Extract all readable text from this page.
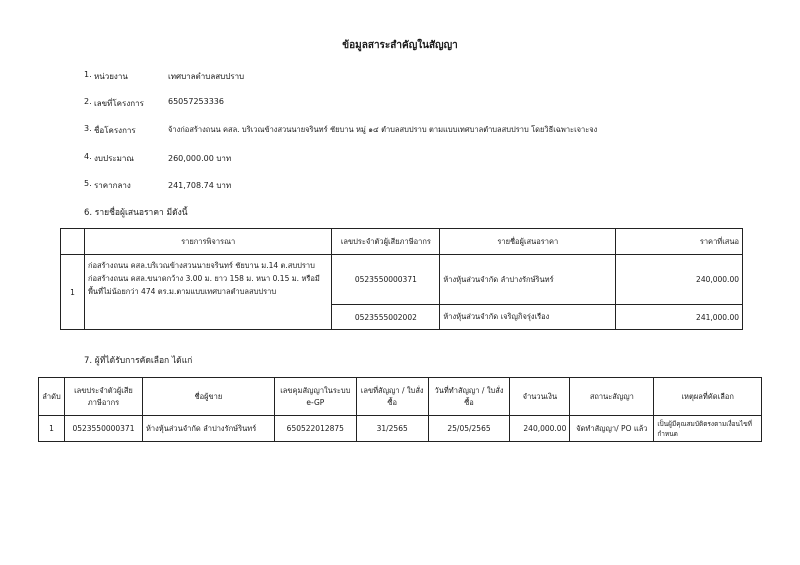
ข้อมูลสาระสำคัญในสัญญา
1. หน่วยงาน	เทศบาลตำบลสบปราบ
2. เลขที่โครงการ	65057253336
3. ชื่อโครงการ	จ้างก่อสร้างถนน คสล. บริเวณข้างสวนนายจรินทร์ ชัยบาน หมู่ ๑๔ ตำบลสบปราบ ตามแบบเทศบาลตำบลสบปราบ โดยวิธีเฉพาะเจาะจง
4. งบประมาณ	260,000.00 บาท
5. ราคากลาง	241,708.74 บาท
6. รายชื่อผู้เสนอราคา มีดังนี้
	รายการพิจารณา	เลขประจำตัวผู้เสียภาษีอากร	รายชื่อผู้เสนอราคา	ราคาที่เสนอ
1	ก่อสร้างถนน คสล.บริเวณข้างสวนนายจรินทร์ ชัยบาน ม.14 ต.สบปราบ ก่อสร้างถนน คสล.ขนาดกว้าง 3.00 ม. ยาว 158 ม. หนา 0.15 ม. หรือมีพื้นที่ไม่น้อยกว่า 474 ตร.ม.ตามแบบเทศบาลตำบลสบปราบ	0523550000371	ห้างหุ้นส่วนจำกัด ลำปางรักษ์รินทร์	240,000.00
		0523555002002	ห้างหุ้นส่วนจำกัด เจริญกิจรุ่งเรือง	241,000.00
7. ผู้ที่ได้รับการคัดเลือก ได้แก่
ลำดับ	เลขประจำตัวผู้เสียภาษีอากร	ชื่อผู้ขาย	เลขคุมสัญญาในระบบ e-GP	เลขที่สัญญา / ใบสั่งซื้อ	วันที่ทำสัญญา / ใบสั่งซื้อ	จำนวนเงิน	สถานะสัญญา	เหตุผลที่คัดเลือก
1	0523550000371	ห้างหุ้นส่วนจำกัด ลำปางรักษ์รินทร์	650522012875	31/2565	25/05/2565	240,000.00	จัดทำสัญญา/ PO แล้ว	เป็นผู้มีคุณสมบัติตรงตามเงื่อนไขที่กำหนด
